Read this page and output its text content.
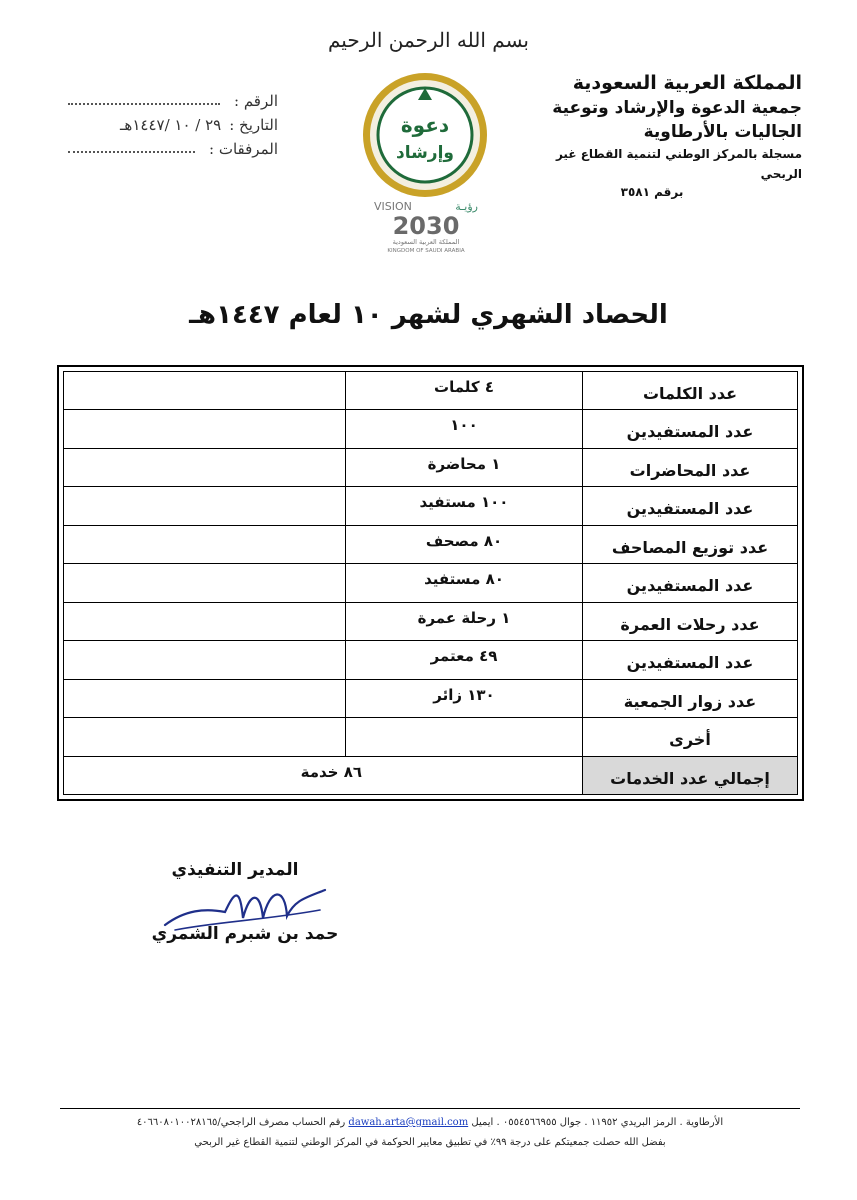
بسم الله الرحمن الرحيم
المملكة العربية السعودية
جمعية الدعوة والإرشاد وتوعية
الجاليات بالأرطاوية
مسجلة بالمركز الوطني لتنمية القطاع غير الربحي
برقم ٣٥٨١
الرقم :
التاريخ :
٢٩ / ١٠ /١٤٤٧هـ
المرفقات :
دعوة
وإرشاد
VISION	رؤيـة
2030
المملكة العربية السعودية
KINGDOM OF SAUDI ARABIA
الحصاد الشهري لشهر ١٠ لعام ١٤٤٧هـ
عدد الكلمات	٤ كلمات	
عدد المستفيدين	١٠٠	
عدد المحاضرات	١ محاضرة	
عدد المستفيدين	١٠٠ مستفيد	
عدد توزيع المصاحف	٨٠ مصحف	
عدد المستفيدين	٨٠ مستفيد	
عدد رحلات العمرة	١ رحلة عمرة	
عدد المستفيدين	٤٩ معتمر	
عدد زوار الجمعية	١٣٠ زائر	
أخرى		
إجمالي عدد الخدمات	٨٦ خدمة	
المدير التنفيذي
حمد بن شبرم الشمري
الأرطاوية . الرمز البريدي ١١٩٥٢ . جوال ٠٥٥٤٥٦٦٩٥٥ . ايميل dawah.arta@gmail.com رقم الحساب مصرف الراجحي/٤٠٦٦٠٨٠١٠٠٢٨١٦٥
بفضل الله حصلت جمعيتكم على درجة ٩٩٪ في تطبيق معايير الحوكمة في المركز الوطني لتنمية القطاع غير الربحي
